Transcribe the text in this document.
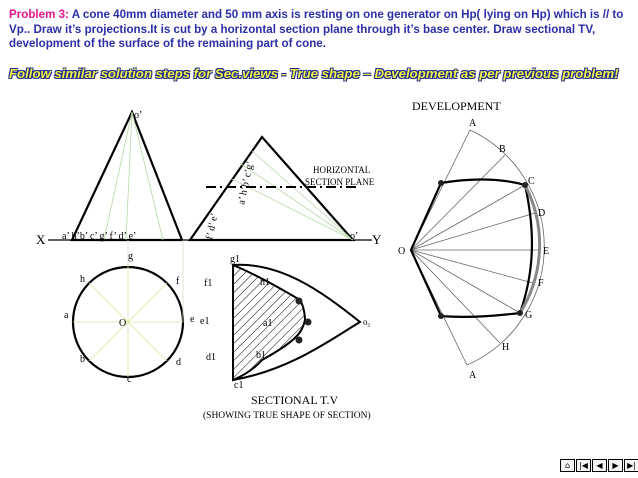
Problem 3: A cone 40mm diameter and 50 mm axis is resting on one generator on Hp( lying on Hp) which is // to Vp.. Draw it’s projections.It is cut by a horizontal section plane through it’s base center. Draw sectional TV, development of the surface of the remaining part of cone.
Follow similar solution steps for Sec.views - True shape – Development as per previous problem!
X	Y
o’
a’ h’b’ c’ g’ f’ d’ e’
O
a
b
c
d
e
f
g
h
a’ h’b’ c’g’
f’ d’ e’	o’
HORIZONTAL
SECTION PLANE
o₁
e1
d1
c1
b1
a1
h1
g1
f1
SECTIONAL T.V
(SHOWING TRUE SHAPE OF SECTION)
DEVELOPMENT
O
A
B
C
D
E
F
G
H
A
⌂	|◀	◀	▶	▶|
